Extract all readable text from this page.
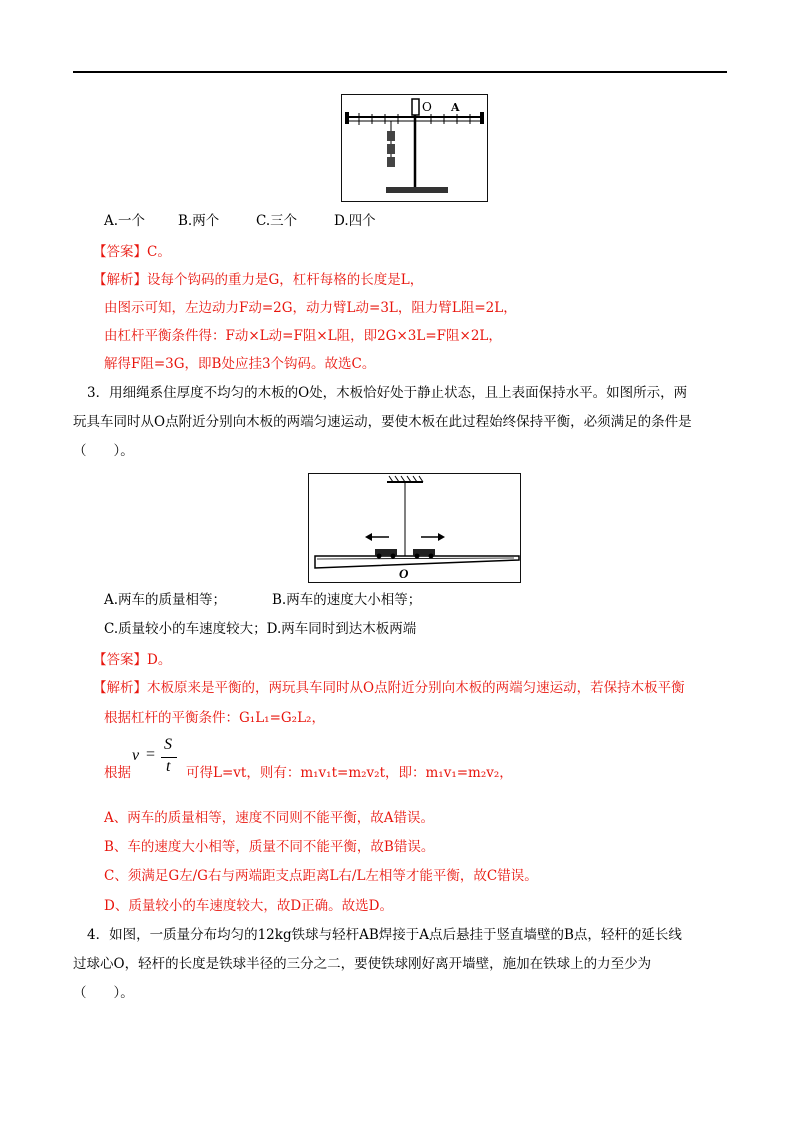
O A
A.一个 B.两个	C.三个	D.四个
【答案】C。
【解析】设每个钩码的重力是G，杠杆每格的长度是L，
由图示可知，左边动力F动=2G，动力臂L动=3L，阻力臂L阻=2L，
由杠杆平衡条件得：F动×L动=F阻×L阻，即2G×3L=F阻×2L，
解得F阻=3G，即B处应挂3个钩码。故选C。
3．用细绳系住厚度不均匀的木板的O处，木板恰好处于静止状态，且上表面保持水平。如图所示，两
玩具车同时从O点附近分别向木板的两端匀速运动，要使木板在此过程始终保持平衡，必须满足的条件是
（　　）。
O
A.两车的质量相等；	B.两车的速度大小相等；
C.质量较小的车速度较大；D.两车同时到达木板两端
【答案】D。
【解析】木板原来是平衡的，两玩具车同时从O点附近分别向木板的两端匀速运动，若保持木板平衡
根据杠杆的平衡条件：G₁L₁=G₂L₂，
v =
S
t
根据	可得L=vt，则有：m₁v₁t=m₂v₂t，即：m₁v₁=m₂v₂，
A、两车的质量相等，速度不同则不能平衡，故A错误。
B、车的速度大小相等，质量不同不能平衡，故B错误。
C、须满足G左/G右与两端距支点距离L右/L左相等才能平衡，故C错误。
D、质量较小的车速度较大，故D正确。故选D。
4．如图，一质量分布均匀的12kg铁球与轻杆AB焊接于A点后悬挂于竖直墙壁的B点，轻杆的延长线
过球心O，轻杆的长度是铁球半径的三分之二，要使铁球刚好离开墙壁，施加在铁球上的力至少为
（　　）。
